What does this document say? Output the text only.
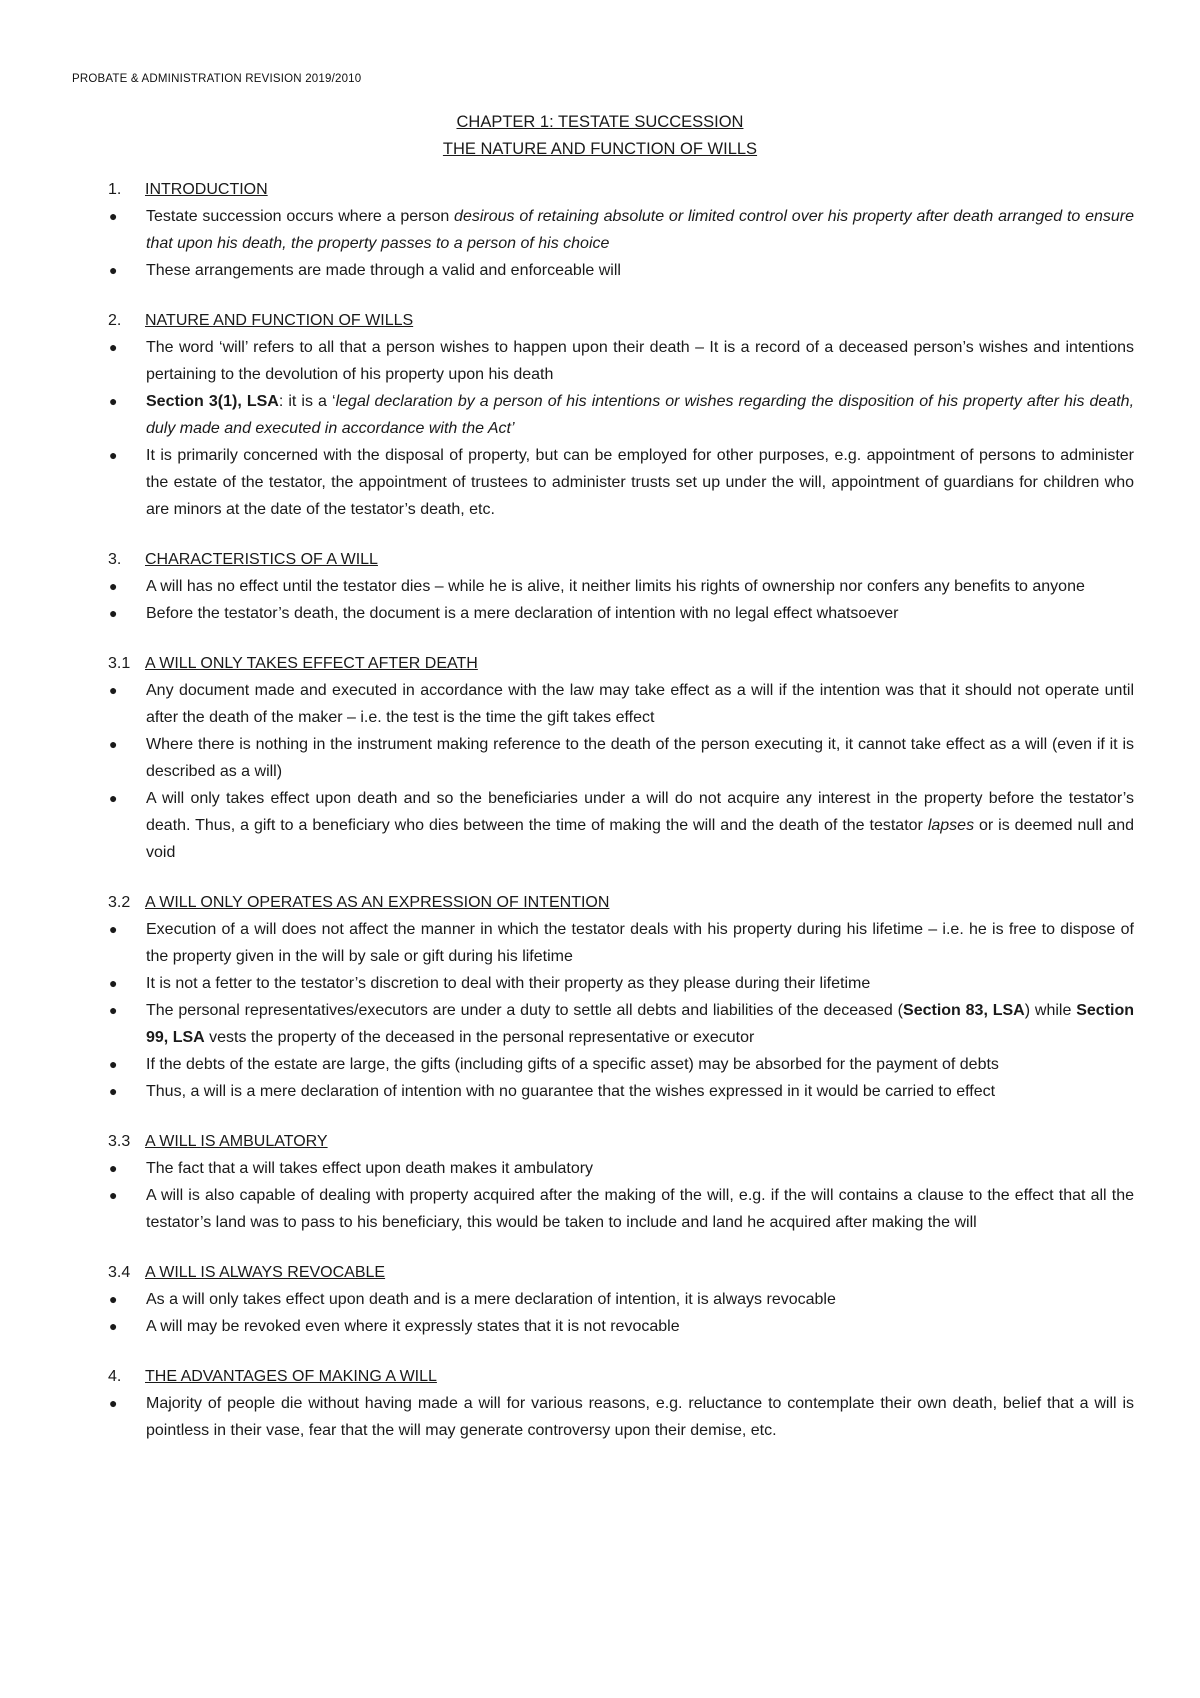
PROBATE & ADMINISTRATION REVISION 2019/2010
CHAPTER 1: TESTATE SUCCESSION
THE NATURE AND FUNCTION OF WILLS
1.	INTRODUCTION
●	Testate succession occurs where a person desirous of retaining absolute or limited control over his property after death arranged to ensure that upon his death, the property passes to a person of his choice
●	These arrangements are made through a valid and enforceable will
2.	NATURE AND FUNCTION OF WILLS
●	The word ‘will’ refers to all that a person wishes to happen upon their death – It is a record of a deceased person’s wishes and intentions pertaining to the devolution of his property upon his death
●	Section 3(1), LSA: it is a ‘legal declaration by a person of his intentions or wishes regarding the disposition of his property after his death, duly made and executed in accordance with the Act’
●	It is primarily concerned with the disposal of property, but can be employed for other purposes, e.g. appointment of persons to administer the estate of the testator, the appointment of trustees to administer trusts set up under the will, appointment of guardians for children who are minors at the date of the testator’s death, etc.
3.	CHARACTERISTICS OF A WILL
●	A will has no effect until the testator dies – while he is alive, it neither limits his rights of ownership nor confers any benefits to anyone
●	Before the testator’s death, the document is a mere declaration of intention with no legal effect whatsoever
3.1 A WILL ONLY TAKES EFFECT AFTER DEATH
●	Any document made and executed in accordance with the law may take effect as a will if the intention was that it should not operate until after the death of the maker – i.e. the test is the time the gift takes effect
●	Where there is nothing in the instrument making reference to the death of the person executing it, it cannot take effect as a will (even if it is described as a will)
●	A will only takes effect upon death and so the beneficiaries under a will do not acquire any interest in the property before the testator’s death. Thus, a gift to a beneficiary who dies between the time of making the will and the death of the testator lapses or is deemed null and void
3.2 A WILL ONLY OPERATES AS AN EXPRESSION OF INTENTION
●	Execution of a will does not affect the manner in which the testator deals with his property during his lifetime – i.e. he is free to dispose of the property given in the will by sale or gift during his lifetime
●	It is not a fetter to the testator’s discretion to deal with their property as they please during their lifetime
●	The personal representatives/executors are under a duty to settle all debts and liabilities of the deceased (Section 83, LSA) while Section 99, LSA vests the property of the deceased in the personal representative or executor
●	If the debts of the estate are large, the gifts (including gifts of a specific asset) may be absorbed for the payment of debts
●	Thus, a will is a mere declaration of intention with no guarantee that the wishes expressed in it would be carried to effect
3.3 A WILL IS AMBULATORY
●	The fact that a will takes effect upon death makes it ambulatory
●	A will is also capable of dealing with property acquired after the making of the will, e.g. if the will contains a clause to the effect that all the testator’s land was to pass to his beneficiary, this would be taken to include and land he acquired after making the will
3.4 A WILL IS ALWAYS REVOCABLE
●	As a will only takes effect upon death and is a mere declaration of intention, it is always revocable
●	A will may be revoked even where it expressly states that it is not revocable
4.	THE ADVANTAGES OF MAKING A WILL
●	Majority of people die without having made a will for various reasons, e.g. reluctance to contemplate their own death, belief that a will is pointless in their vase, fear that the will may generate controversy upon their demise, etc.
